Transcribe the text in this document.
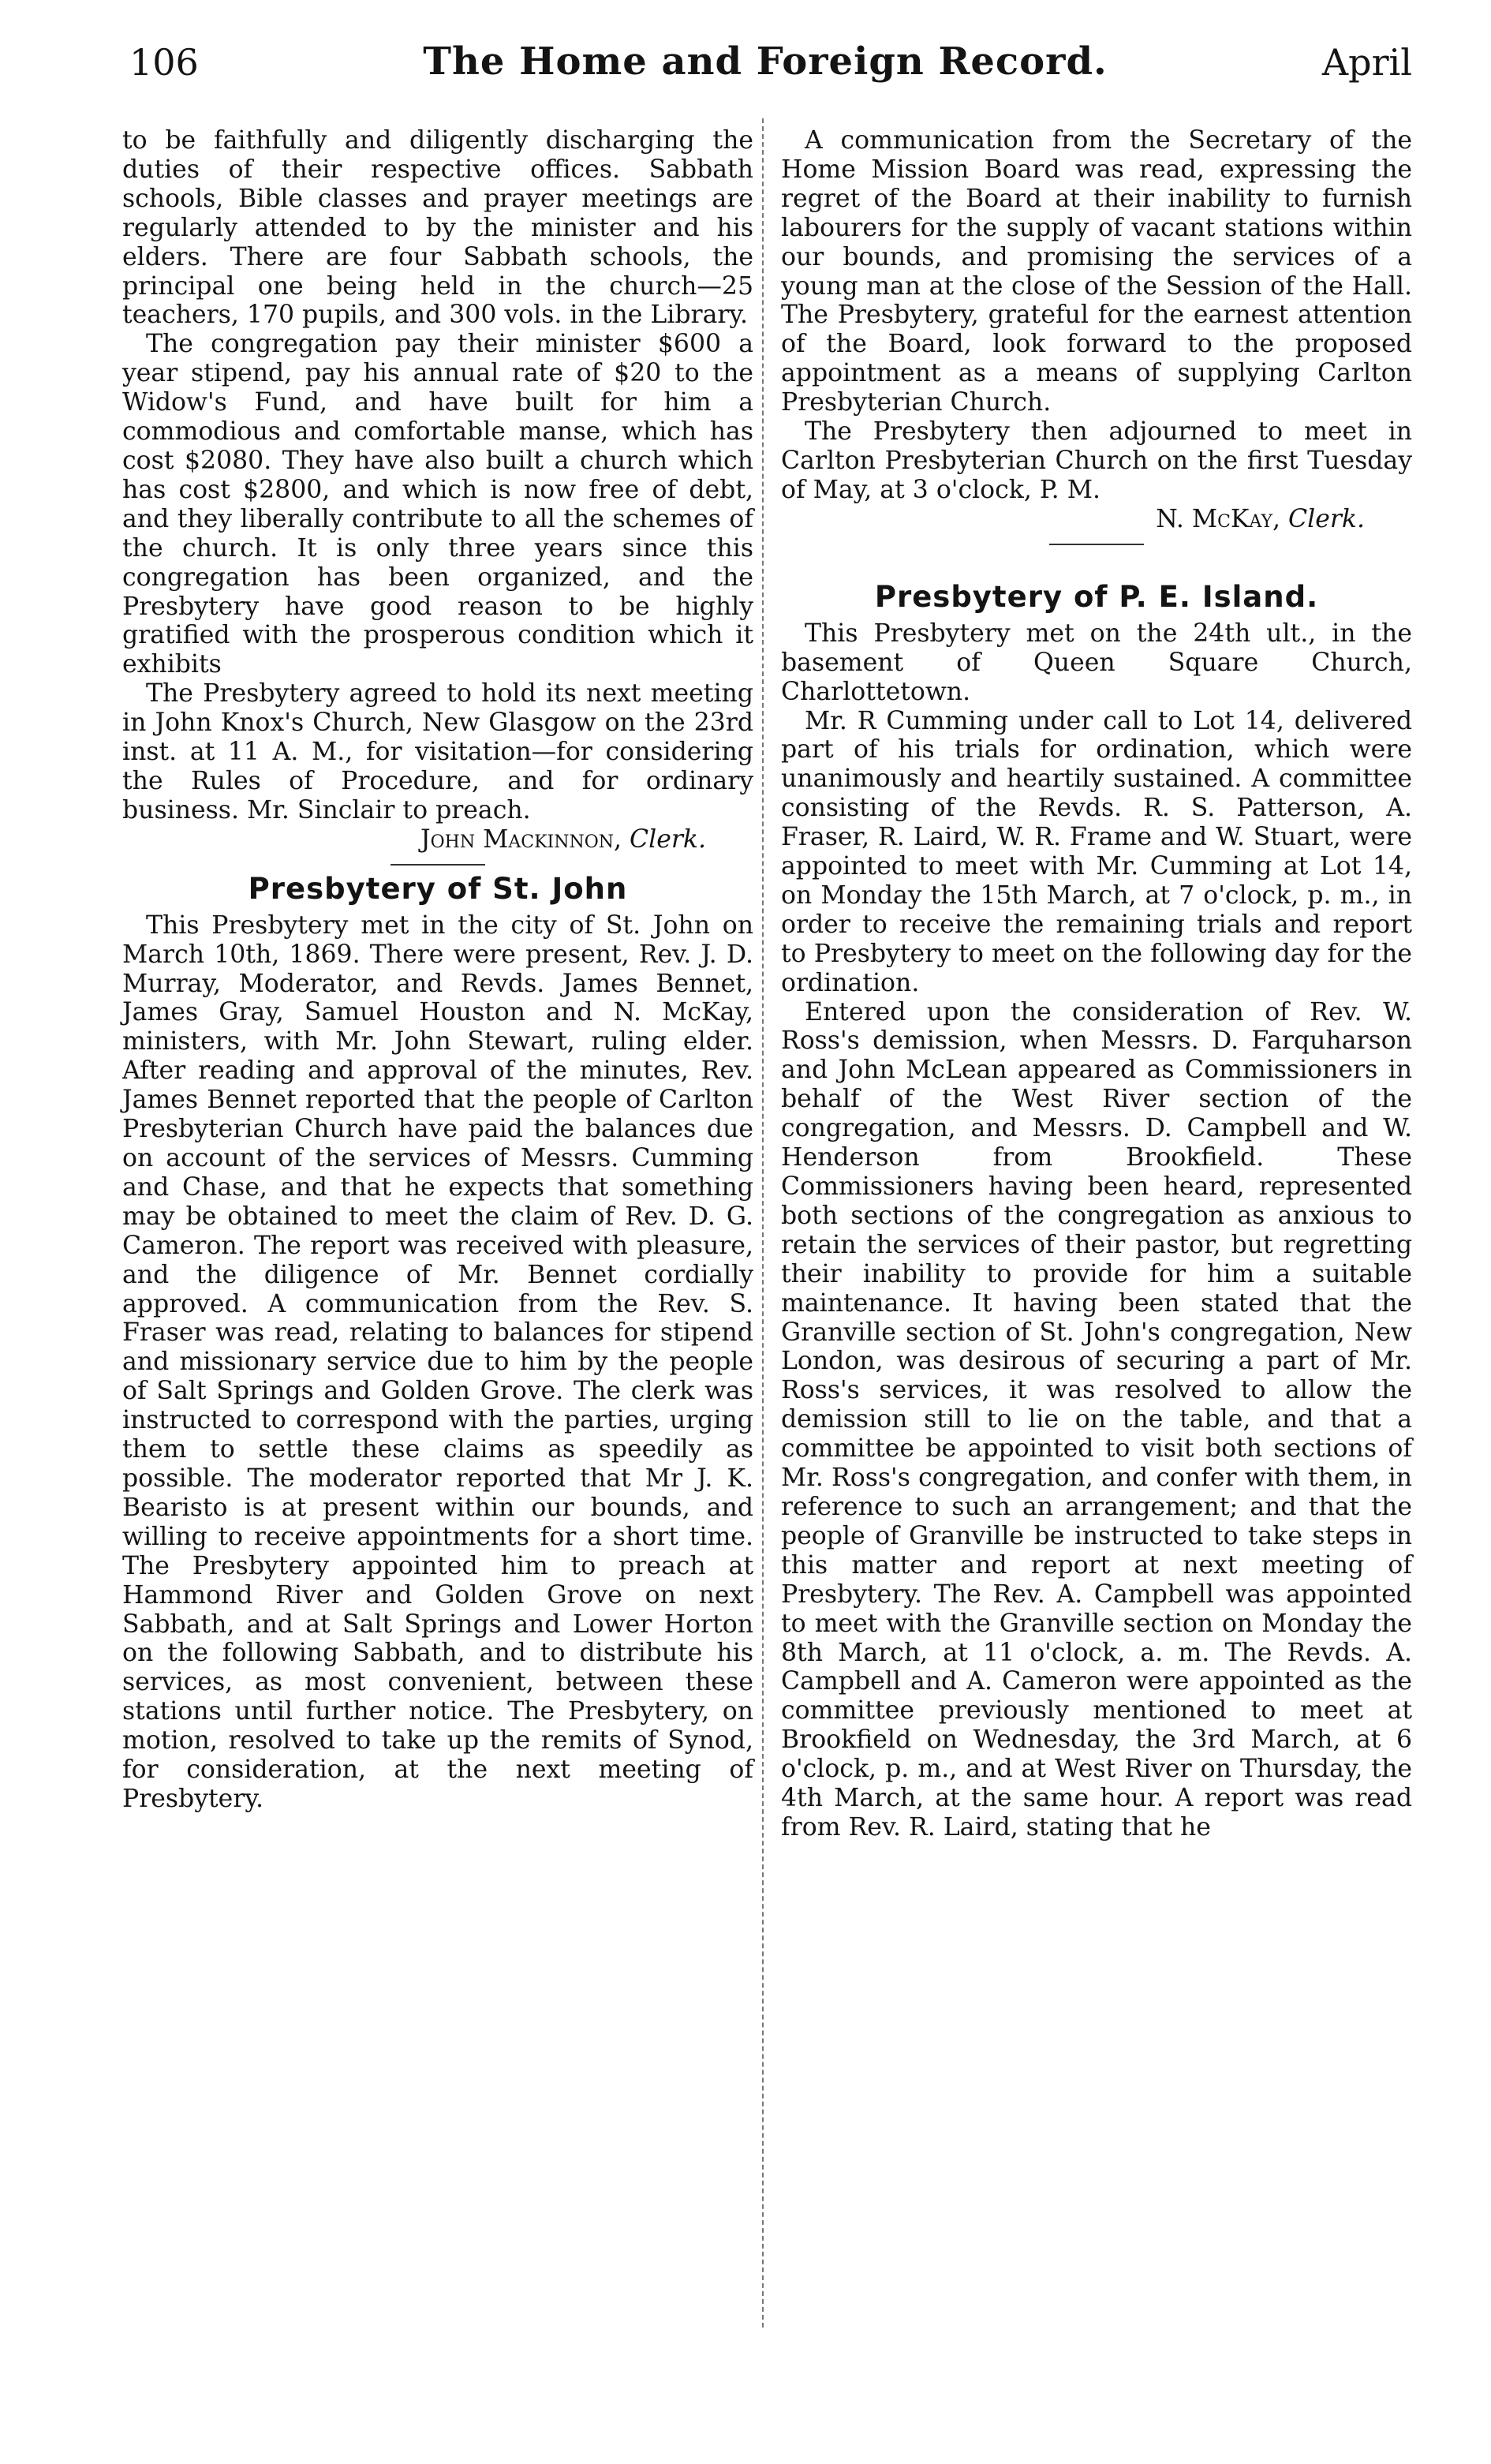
106	The Home and Foreign Record.	April

to be faithfully and diligently discharging the duties of their respective offices. Sabbath schools, Bible classes and prayer meetings are regularly attended to by the minister and his elders. There are four Sabbath schools, the principal one being held in the church—25 teachers, 170 pupils, and 300 vols. in the Library.

The congregation pay their minister $600 a year stipend, pay his annual rate of $20 to the Widow's Fund, and have built for him a commodious and comfortable manse, which has cost $2080. They have also built a church which has cost $2800, and which is now free of debt, and they liberally contribute to all the schemes of the church. It is only three years since this congregation has been organized, and the Presbytery have good reason to be highly gratified with the prosperous condition which it exhibits

The Presbytery agreed to hold its next meeting in John Knox's Church, New Glasgow on the 23rd inst. at 11 A. M., for visitation—for considering the Rules of Procedure, and for ordinary business. Mr. Sinclair to preach.

John Mackinnon, Clerk.
Presbytery of St. John

This Presbytery met in the city of St. John on March 10th, 1869. There were present, Rev. J. D. Murray, Moderator, and Revds. James Bennet, James Gray, Samuel Houston and N. McKay, ministers, with Mr. John Stewart, ruling elder. After reading and approval of the minutes, Rev. James Bennet reported that the people of Carlton Presbyterian Church have paid the balances due on account of the services of Messrs. Cumming and Chase, and that he expects that something may be obtained to meet the claim of Rev. D. G. Cameron. The report was received with pleasure, and the diligence of Mr. Bennet cordially approved. A communication from the Rev. S. Fraser was read, relating to balances for stipend and missionary service due to him by the people of Salt Springs and Golden Grove. The clerk was instructed to correspond with the parties, urging them to settle these claims as speedily as possible. The moderator reported that Mr J. K. Bearisto is at present within our bounds, and willing to receive appointments for a short time. The Presbytery appointed him to preach at Hammond River and Golden Grove on next Sabbath, and at Salt Springs and Lower Horton on the following Sabbath, and to distribute his services, as most convenient, between these stations until further notice. The Presbytery, on motion, resolved to take up the remits of Synod, for consideration, at the next meeting of Presbytery.

A communication from the Secretary of the Home Mission Board was read, expressing the regret of the Board at their inability to furnish labourers for the supply of vacant stations within our bounds, and promising the services of a young man at the close of the Session of the Hall. The Presbytery, grateful for the earnest attention of the Board, look forward to the proposed appointment as a means of supplying Carlton Presbyterian Church.

The Presbytery then adjourned to meet in Carlton Presbyterian Church on the first Tuesday of May, at 3 o'clock, P. M.

N. McKay, Clerk.
Presbytery of P. E. Island.

This Presbytery met on the 24th ult., in the basement of Queen Square Church, Charlottetown.

Mr. R Cumming under call to Lot 14, delivered part of his trials for ordination, which were unanimously and heartily sustained. A committee consisting of the Revds. R. S. Patterson, A. Fraser, R. Laird, W. R. Frame and W. Stuart, were appointed to meet with Mr. Cumming at Lot 14, on Monday the 15th March, at 7 o'clock, p. m., in order to receive the remaining trials and report to Presbytery to meet on the following day for the ordination.

Entered upon the consideration of Rev. W. Ross's demission, when Messrs. D. Farquharson and John McLean appeared as Commissioners in behalf of the West River section of the congregation, and Messrs. D. Campbell and W. Henderson from Brookfield. These Commissioners having been heard, represented both sections of the congregation as anxious to retain the services of their pastor, but regretting their inability to provide for him a suitable maintenance. It having been stated that the Granville section of St. John's congregation, New London, was desirous of securing a part of Mr. Ross's services, it was resolved to allow the demission still to lie on the table, and that a committee be appointed to visit both sections of Mr. Ross's congregation, and confer with them, in reference to such an arrangement; and that the people of Granville be instructed to take steps in this matter and report at next meeting of Presbytery. The Rev. A. Campbell was appointed to meet with the Granville section on Monday the 8th March, at 11 o'clock, a. m. The Revds. A. Campbell and A. Cameron were appointed as the committee previously mentioned to meet at Brookfield on Wednesday, the 3rd March, at 6 o'clock, p. m., and at West River on Thursday, the 4th March, at the same hour. A report was read from Rev. R. Laird, stating that he
